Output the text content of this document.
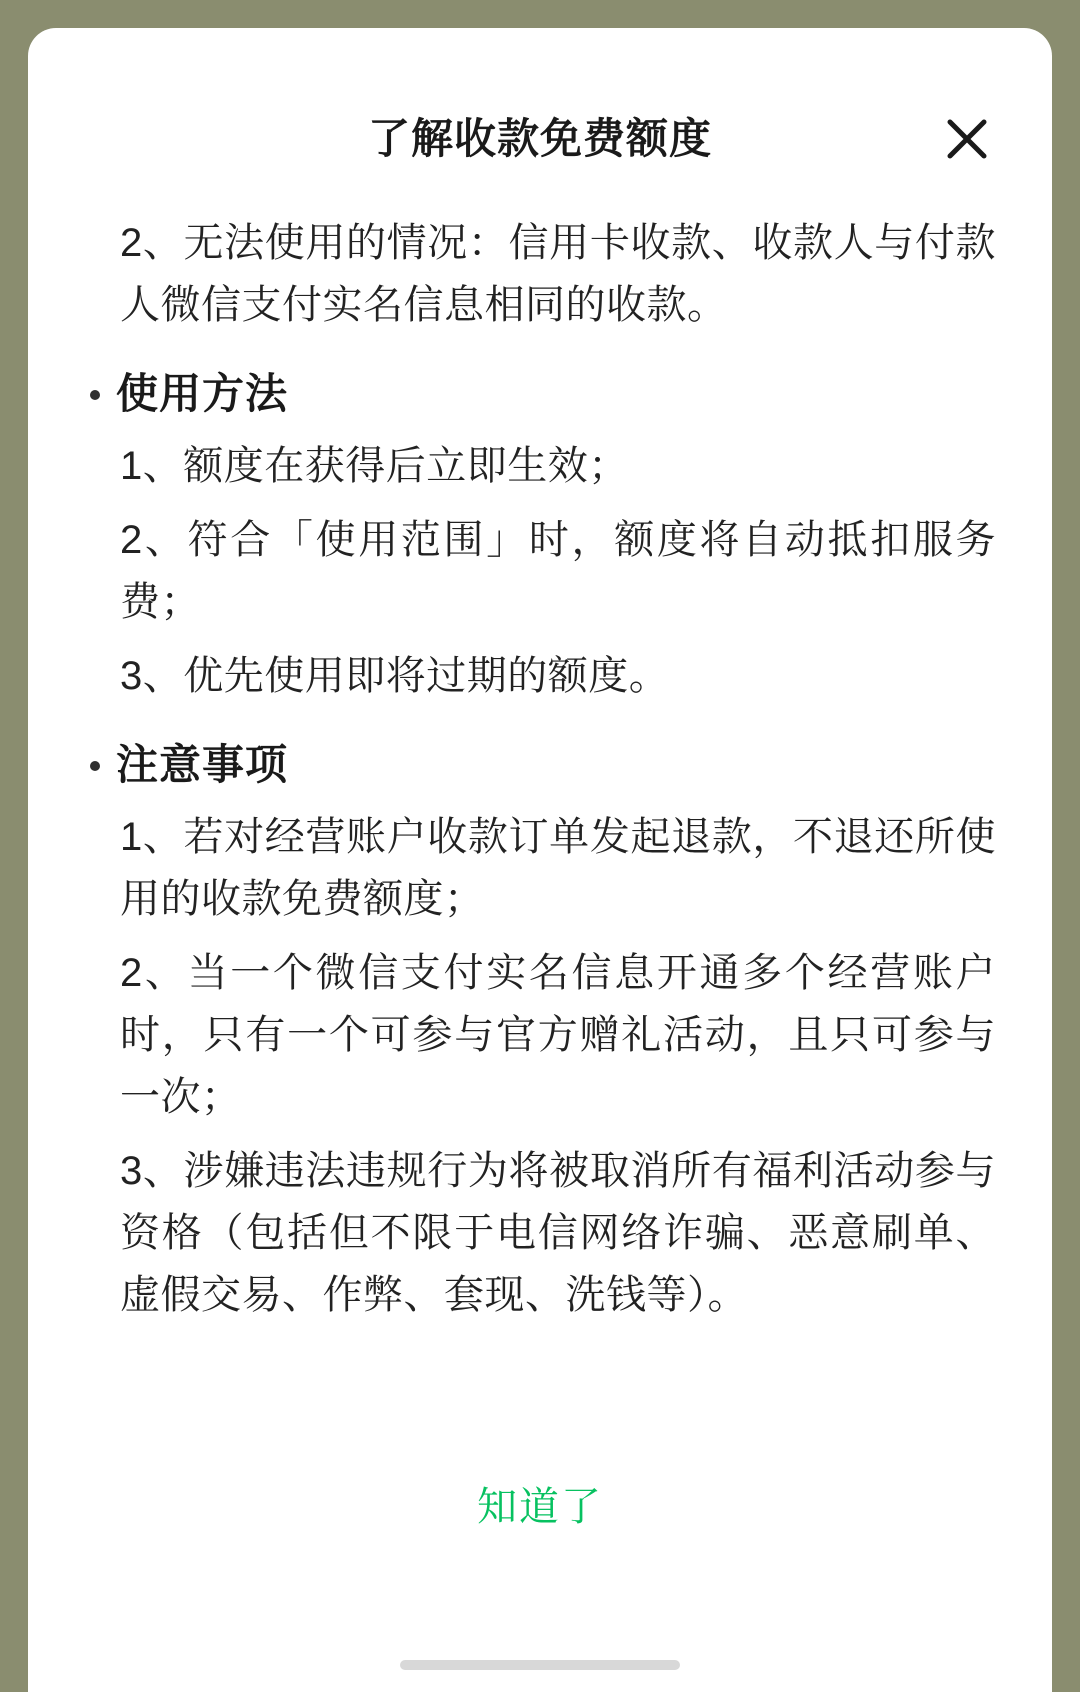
了解收款免费额度

2、无法使用的情况：信用卡收款、收款人与付款人微信支付实名信息相同的收款。

使用方法

1、额度在获得后立即生效；

2、符合「使用范围」时，额度将自动抵扣服务费；

3、优先使用即将过期的额度。

注意事项

1、若对经营账户收款订单发起退款，不退还所使用的收款免费额度；

2、当一个微信支付实名信息开通多个经营账户时，只有一个可参与官方赠礼活动，且只可参与一次；

3、涉嫌违法违规行为将被取消所有福利活动参与资格（包括但不限于电信网络诈骗、恶意刷单、虚假交易、作弊、套现、洗钱等）。

知道了
